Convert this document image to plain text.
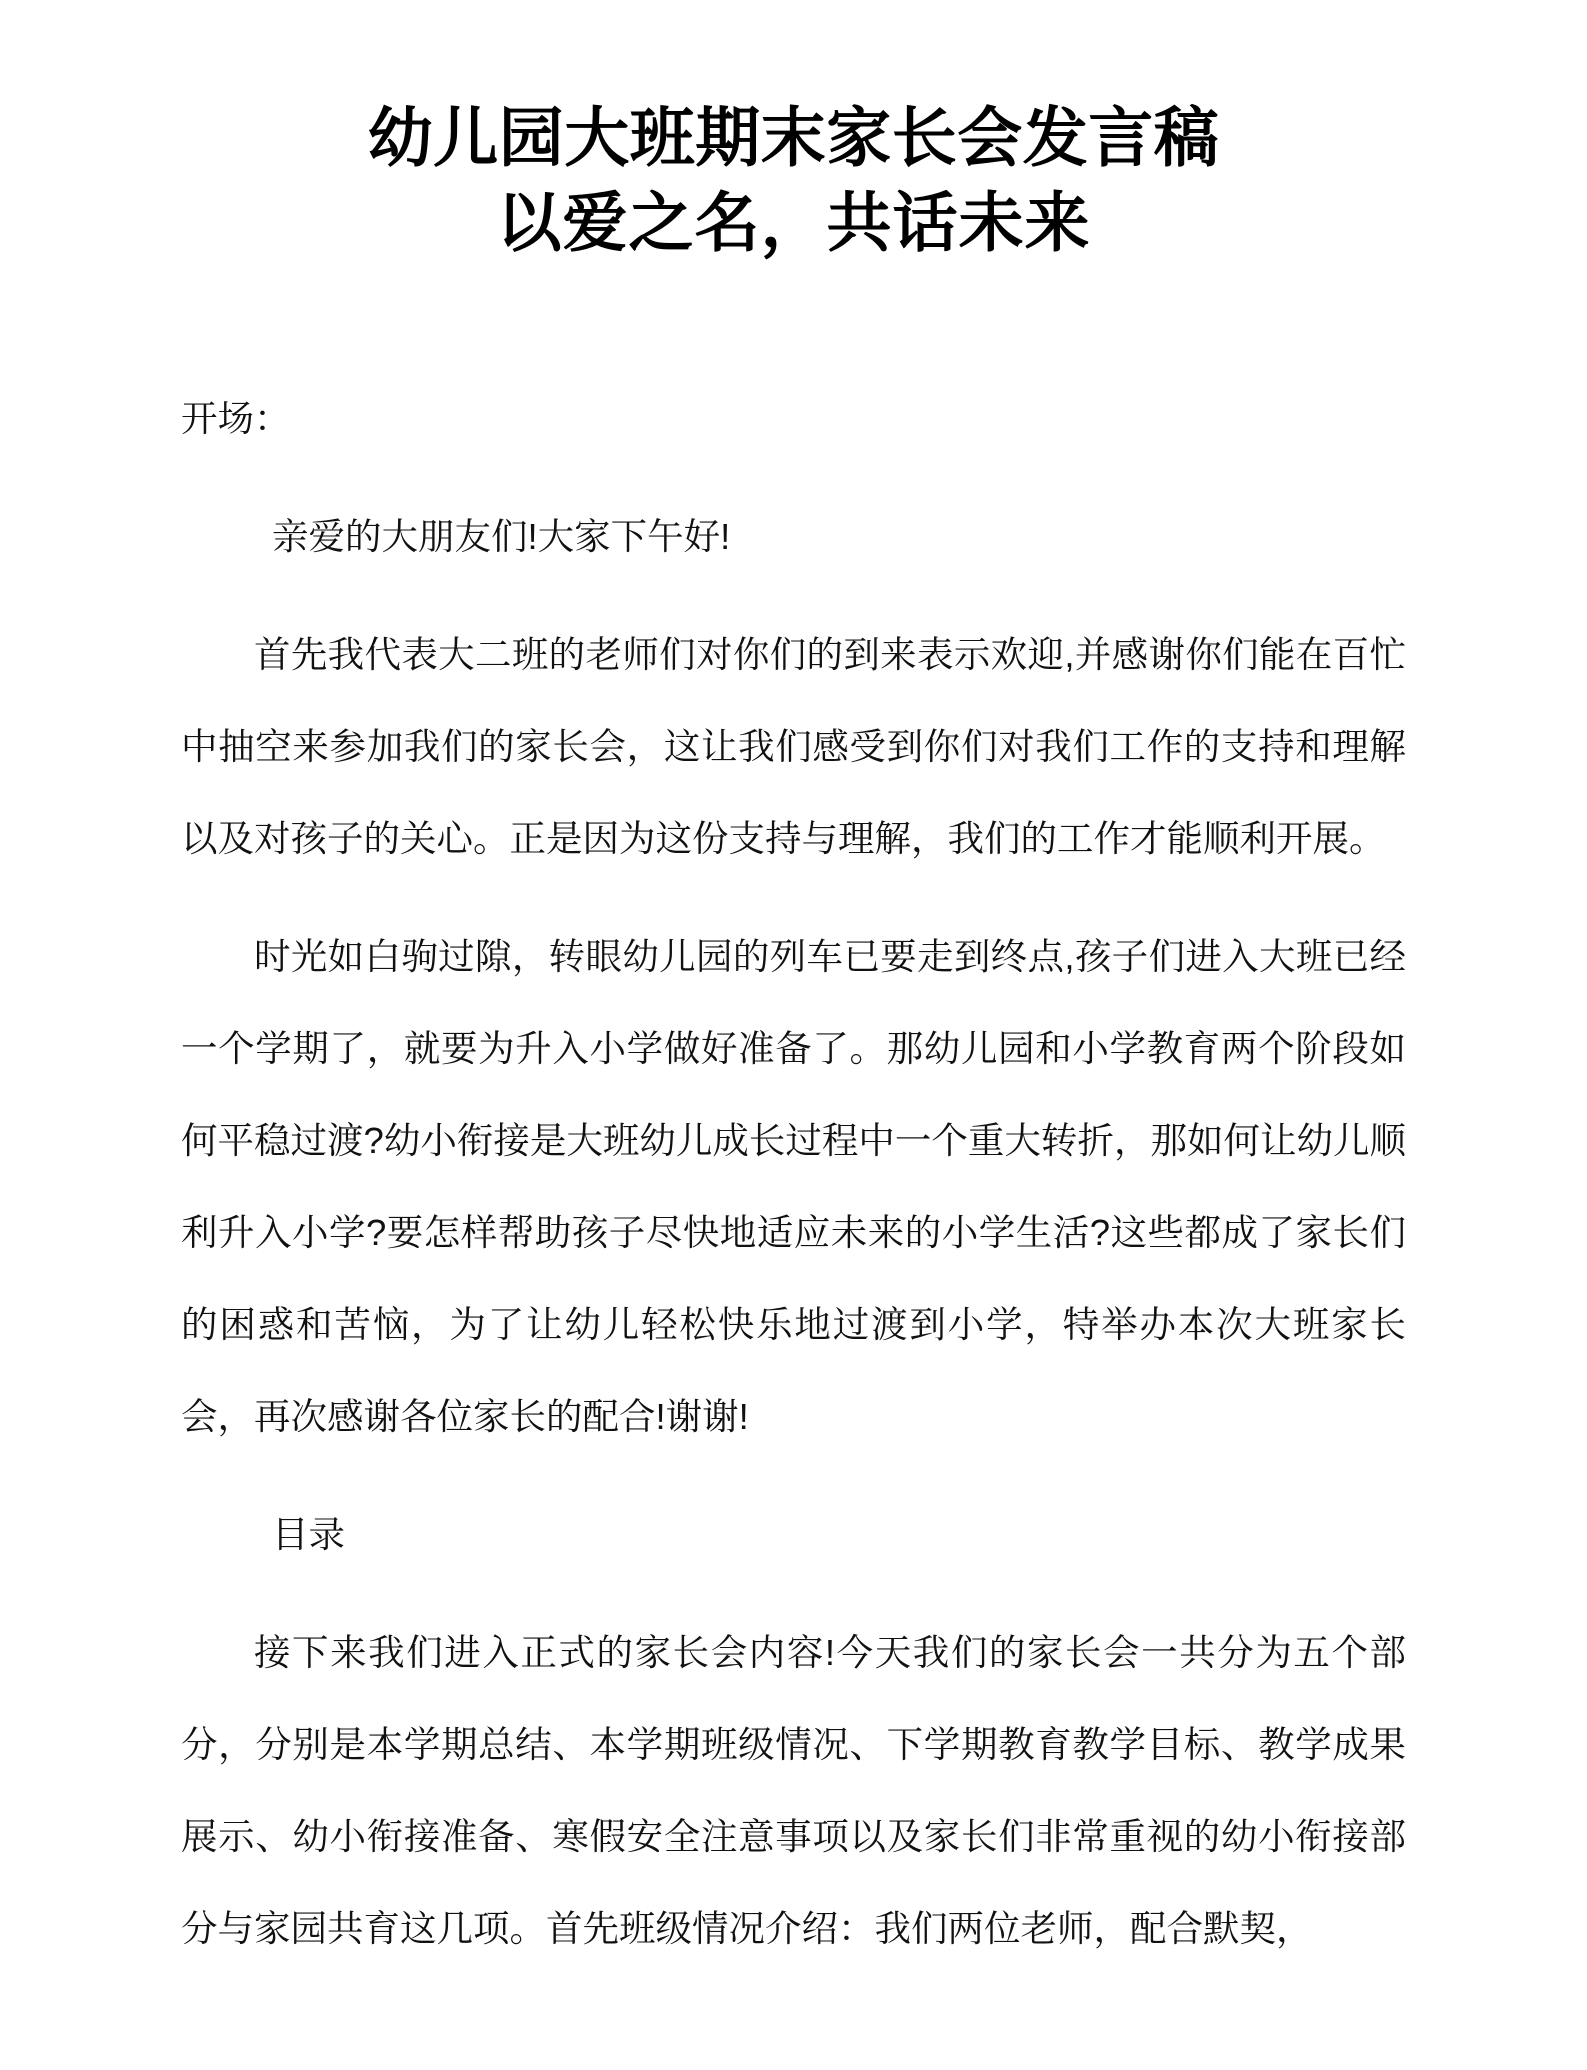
幼儿园大班期末家长会发言稿
以爱之名，共话未来

开场：

亲爱的大朋友们!大家下午好!

首先我代表大二班的老师们对你们的到来表示欢迎,并感谢你们能在百忙中抽空来参加我们的家长会，这让我们感受到你们对我们工作的支持和理解以及对孩子的关心。正是因为这份支持与理解，我们的工作才能顺利开展。

时光如白驹过隙，转眼幼儿园的列车已要走到终点,孩子们进入大班已经一个学期了，就要为升入小学做好准备了。那幼儿园和小学教育两个阶段如何平稳过渡?幼小衔接是大班幼儿成长过程中一个重大转折，那如何让幼儿顺利升入小学?要怎样帮助孩子尽快地适应未来的小学生活?这些都成了家长们的困惑和苦恼，为了让幼儿轻松快乐地过渡到小学，特举办本次大班家长会，再次感谢各位家长的配合!谢谢!

目录

接下来我们进入正式的家长会内容!今天我们的家长会一共分为五个部分，分别是本学期总结、本学期班级情况、下学期教育教学目标、教学成果展示、幼小衔接准备、寒假安全注意事项以及家长们非常重视的幼小衔接部分与家园共育这几项。首先班级情况介绍：我们两位老师，配合默契，
